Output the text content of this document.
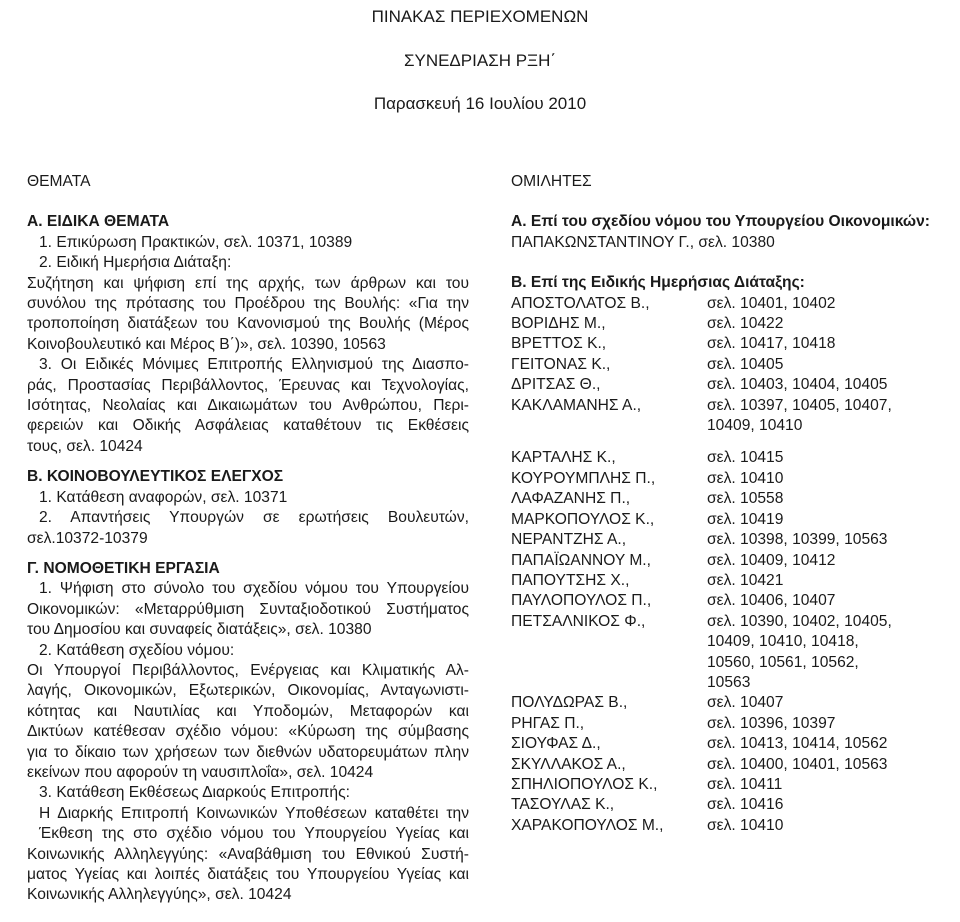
ΠΙΝΑΚΑΣ ΠΕΡΙΕΧΟΜΕΝΩΝ
ΣΥΝΕΔΡΙΑΣΗ ΡΞΗ΄
Παρασκευή 16 Ιουλίου 2010
ΘΕΜΑΤΑ
Α. ΕΙΔΙΚΑ ΘΕΜΑΤΑ
1. Επικύρωση Πρακτικών, σελ. 10371, 10389
2. Ειδική Ημερήσια Διάταξη:
Συζήτηση και ψήφιση επί της αρχής, των άρθρων και του
συνόλου της πρότασης του Προέδρου της Βουλής: «Για την
τροποποίηση διατάξεων του Κανονισμού της Βουλής (Μέρος
Κοινοβουλευτικό και Μέρος Β΄)», σελ. 10390, 10563
3. Οι Ειδικές Μόνιμες Επιτροπής Ελληνισμού της Διασπο-
ράς, Προστασίας Περιβάλλοντος, Έρευνας και Τεχνολογίας,
Ισότητας, Νεολαίας και Δικαιωμάτων του Ανθρώπου, Περι-
φερειών και Οδικής Ασφάλειας καταθέτουν τις Εκθέσεις
τους, σελ. 10424
Β. ΚΟΙΝΟΒΟΥΛΕΥΤΙΚΟΣ ΕΛΕΓΧΟΣ
1. Κατάθεση αναφορών, σελ. 10371
2. Απαντήσεις Υπουργών σε ερωτήσεις Βουλευτών,
σελ.10372-10379
Γ. ΝΟΜΟΘΕΤΙΚΗ ΕΡΓΑΣΙΑ
1. Ψήφιση στο σύνολο του σχεδίου νόμου του Υπουργείου
Οικονομικών: «Μεταρρύθμιση Συνταξιοδοτικού Συστήματος
του Δημοσίου και συναφείς διατάξεις», σελ. 10380
2. Κατάθεση σχεδίου νόμου:
Οι Υπουργοί Περιβάλλοντος, Ενέργειας και Κλιματικής Αλ-
λαγής, Οικονομικών, Εξωτερικών, Οικονομίας, Ανταγωνιστι-
κότητας και Ναυτιλίας και Υποδομών, Μεταφορών και
Δικτύων κατέθεσαν σχέδιο νόμου: «Κύρωση της σύμβασης
για το δίκαιο των χρήσεων των διεθνών υδατορευμάτων πλην
εκείνων που αφορούν τη ναυσιπλοΐα», σελ. 10424
3. Κατάθεση Εκθέσεως Διαρκούς Επιτροπής:
Η Διαρκής Επιτροπή Κοινωνικών Υποθέσεων καταθέτει την
Έκθεση της στο σχέδιο νόμου του Υπουργείου Υγείας και
Κοινωνικής Αλληλεγγύης: «Αναβάθμιση του Εθνικού Συστή-
ματος Υγείας και λοιπές διατάξεις του Υπουργείου Υγείας και
Κοινωνικής Αλληλεγγύης», σελ. 10424
ΟΜΙΛΗΤΕΣ
Α. Επί του σχεδίου νόμου του Υπουργείου Οικονομικών:
ΠΑΠΑΚΩΝΣΤΑΝΤΙΝΟΥ Γ., σελ. 10380
Β. Επί της Ειδικής Ημερήσιας Διάταξης:
ΑΠΟΣΤΟΛΑΤΟΣ Β.,	σελ. 10401, 10402
ΒΟΡΙΔΗΣ Μ.,	σελ. 10422
ΒΡΕΤΤΟΣ Κ.,	σελ. 10417, 10418
ΓΕΙΤΟΝΑΣ Κ.,	σελ. 10405
ΔΡΙΤΣΑΣ Θ.,	σελ. 10403, 10404, 10405
ΚΑΚΛΑΜΑΝΗΣ Α.,	σελ. 10397, 10405, 10407,
10409, 10410
ΚΑΡΤΑΛΗΣ Κ.,	σελ. 10415
ΚΟΥΡΟΥΜΠΛΗΣ Π.,	σελ. 10410
ΛΑΦΑΖΑΝΗΣ Π.,	σελ. 10558
ΜΑΡΚΟΠΟΥΛΟΣ Κ.,	σελ. 10419
ΝΕΡΑΝΤΖΗΣ Α.,	σελ. 10398, 10399, 10563
ΠΑΠΑΪΩΑΝΝΟΥ Μ.,	σελ. 10409, 10412
ΠΑΠΟΥΤΣΗΣ Χ.,	σελ. 10421
ΠΑΥΛΟΠΟΥΛΟΣ Π.,	σελ. 10406, 10407
ΠΕΤΣΑΛΝΙΚΟΣ Φ.,	σελ. 10390, 10402, 10405,
10409, 10410, 10418,
10560, 10561, 10562,
10563
ΠΟΛΥΔΩΡΑΣ Β.,	σελ. 10407
ΡΗΓΑΣ Π.,	σελ. 10396, 10397
ΣΙΟΥΦΑΣ Δ.,	σελ. 10413, 10414, 10562
ΣΚΥΛΛΑΚΟΣ Α.,	σελ. 10400, 10401, 10563
ΣΠΗΛΙΟΠΟΥΛΟΣ Κ.,	σελ. 10411
ΤΑΣΟΥΛΑΣ Κ.,	σελ. 10416
ΧΑΡΑΚΟΠΟΥΛΟΣ Μ.,	σελ. 10410
